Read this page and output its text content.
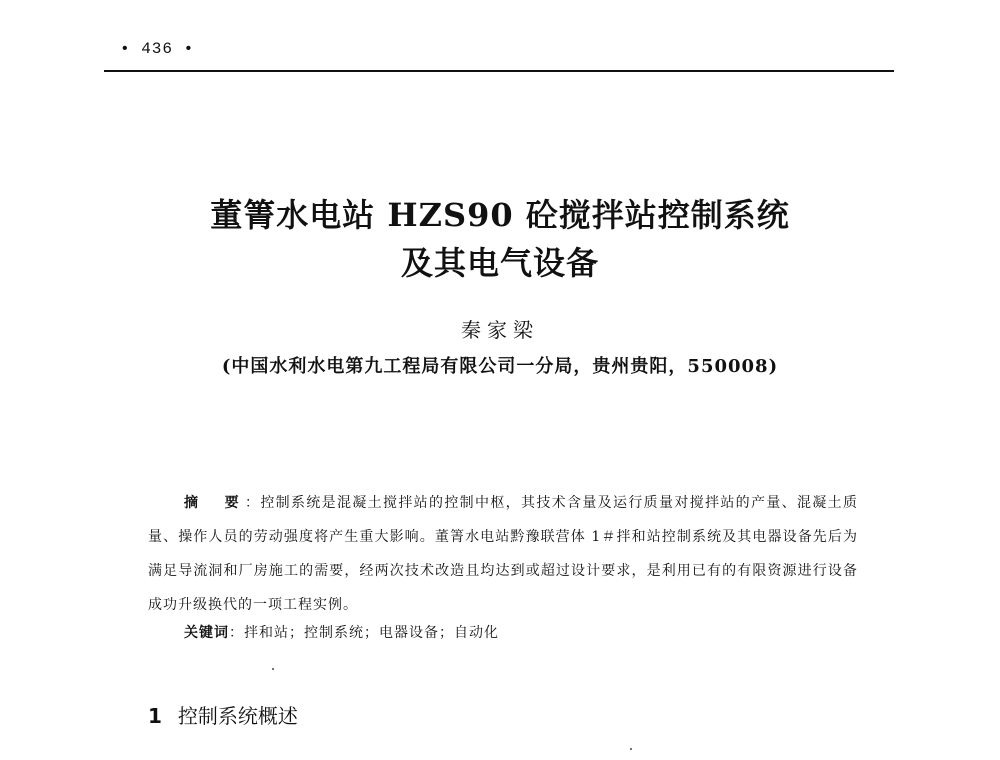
• 436 •
董箐水电站 HZS90 砼搅拌站控制系统
及其电气设备
秦家梁
(中国水利水电第九工程局有限公司一分局，贵州贵阳，550008)

摘　要：控制系统是混凝土搅拌站的控制中枢，其技术含量及运行质量对搅拌站的产量、混凝土质量、操作人员的劳动强度将产生重大影响。董箐水电站黔豫联营体 1＃拌和站控制系统及其电器设备先后为满足导流洞和厂房施工的需要，经两次技术改造且均达到或超过设计要求，是利用已有的有限资源进行设备成功升级换代的一项工程实例。

关键词：拌和站；控制系统；电器设备；自动化
1 控制系统概述
